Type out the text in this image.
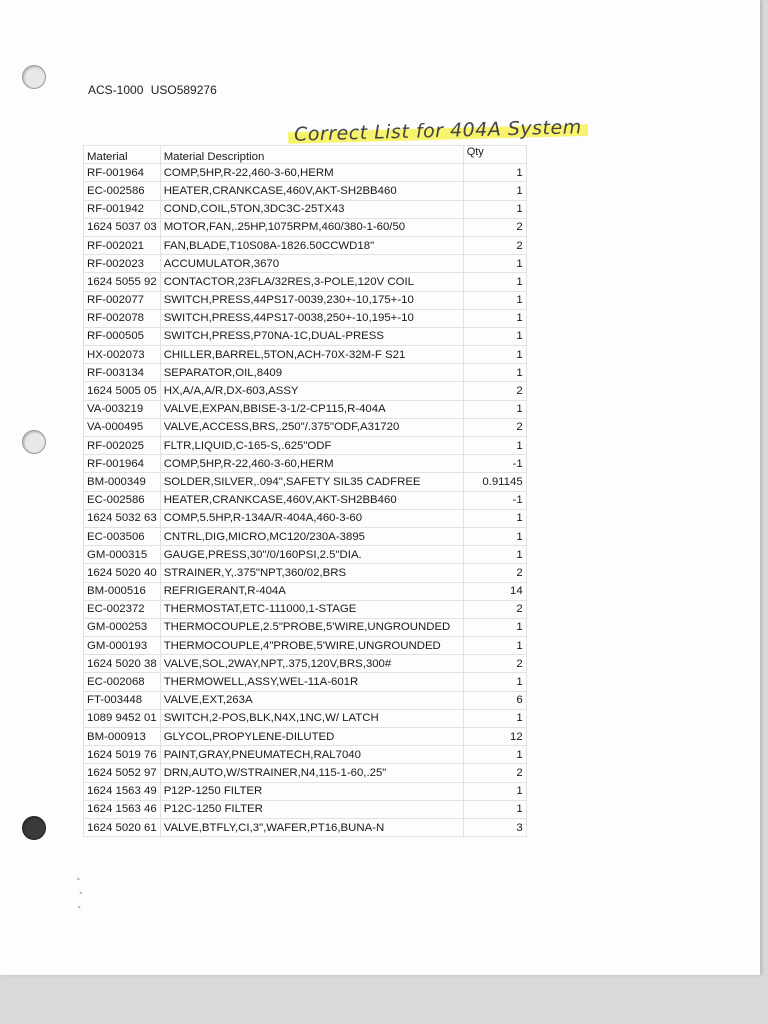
ACS-1000 USO589276
Correct List for 404A System
Material	Material Description	Qty
RF-001964	COMP,5HP,R-22,460-3-60,HERM	1
EC-002586	HEATER,CRANKCASE,460V,AKT-SH2BB460	1
RF-001942	COND,COIL,5TON,3DC3C-25TX43	1
1624 5037 03	MOTOR,FAN,.25HP,1075RPM,460/380-1-60/50	2
RF-002021	FAN,BLADE,T10S08A-1826.50CCWD18"	2
RF-002023	ACCUMULATOR,3670	1
1624 5055 92	CONTACTOR,23FLA/32RES,3-POLE,120V COIL	1
RF-002077	SWITCH,PRESS,44PS17-0039,230+-10,175+-10	1
RF-002078	SWITCH,PRESS,44PS17-0038,250+-10,195+-10	1
RF-000505	SWITCH,PRESS,P70NA-1C,DUAL-PRESS	1
HX-002073	CHILLER,BARREL,5TON,ACH-70X-32M-F S21	1
RF-003134	SEPARATOR,OIL,8409	1
1624 5005 05	HX,A/A,A/R,DX-603,ASSY	2
VA-003219	VALVE,EXPAN,BBISE-3-1/2-CP115,R-404A	1
VA-000495	VALVE,ACCESS,BRS,.250"/.375"ODF,A31720	2
RF-002025	FLTR,LIQUID,C-165-S,.625"ODF	1
RF-001964	COMP,5HP,R-22,460-3-60,HERM	-1
BM-000349	SOLDER,SILVER,.094",SAFETY SIL35 CADFREE	0.91145
EC-002586	HEATER,CRANKCASE,460V,AKT-SH2BB460	-1
1624 5032 63	COMP,5.5HP,R-134A/R-404A,460-3-60	1
EC-003506	CNTRL,DIG,MICRO,MC120/230A-3895	1
GM-000315	GAUGE,PRESS,30"/0/160PSI,2.5"DIA.	1
1624 5020 40	STRAINER,Y,.375"NPT,360/02,BRS	2
BM-000516	REFRIGERANT,R-404A	14
EC-002372	THERMOSTAT,ETC-111000,1-STAGE	2
GM-000253	THERMOCOUPLE,2.5"PROBE,5'WIRE,UNGROUNDED	1
GM-000193	THERMOCOUPLE,4"PROBE,5'WIRE,UNGROUNDED	1
1624 5020 38	VALVE,SOL,2WAY,NPT,.375,120V,BRS,300#	2
EC-002068	THERMOWELL,ASSY,WEL-11A-601R	1
FT-003448	VALVE,EXT,263A	6
1089 9452 01	SWITCH,2-POS,BLK,N4X,1NC,W/ LATCH	1
BM-000913	GLYCOL,PROPYLENE-DILUTED	12
1624 5019 76	PAINT,GRAY,PNEUMATECH,RAL7040	1
1624 5052 97	DRN,AUTO,W/STRAINER,N4,115-1-60,.25"	2
1624 1563 49	P12P-1250 FILTER	1
1624 1563 46	P12C-1250 FILTER	1
1624 5020 61	VALVE,BTFLY,CI,3",WAFER,PT16,BUNA-N	3
